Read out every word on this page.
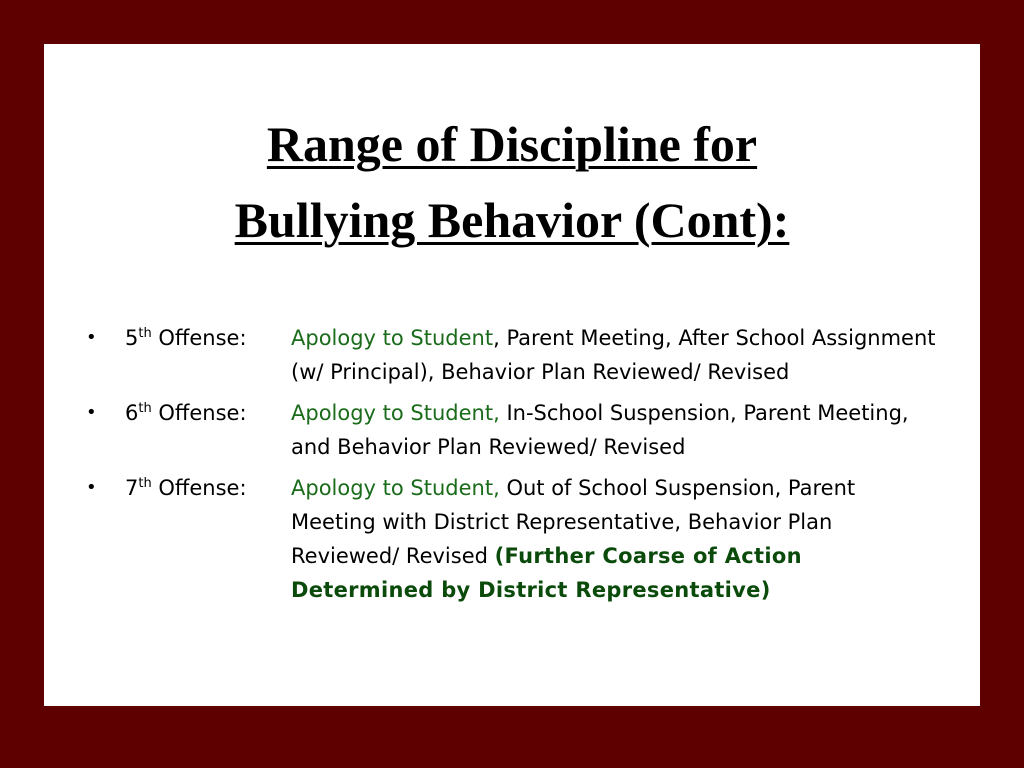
Range of Discipline for
Bullying Behavior (Cont):
•	5th Offense:	Apology to Student, Parent Meeting, After School Assignment (w/ Principal), Behavior Plan Reviewed/ Revised
•	6th Offense:	Apology to Student, In-School Suspension, Parent Meeting, and Behavior Plan Reviewed/ Revised
•	7th Offense:	Apology to Student, Out of School Suspension, Parent Meeting with District Representative, Behavior Plan Reviewed/ Revised (Further Coarse of Action Determined by District Representative)
